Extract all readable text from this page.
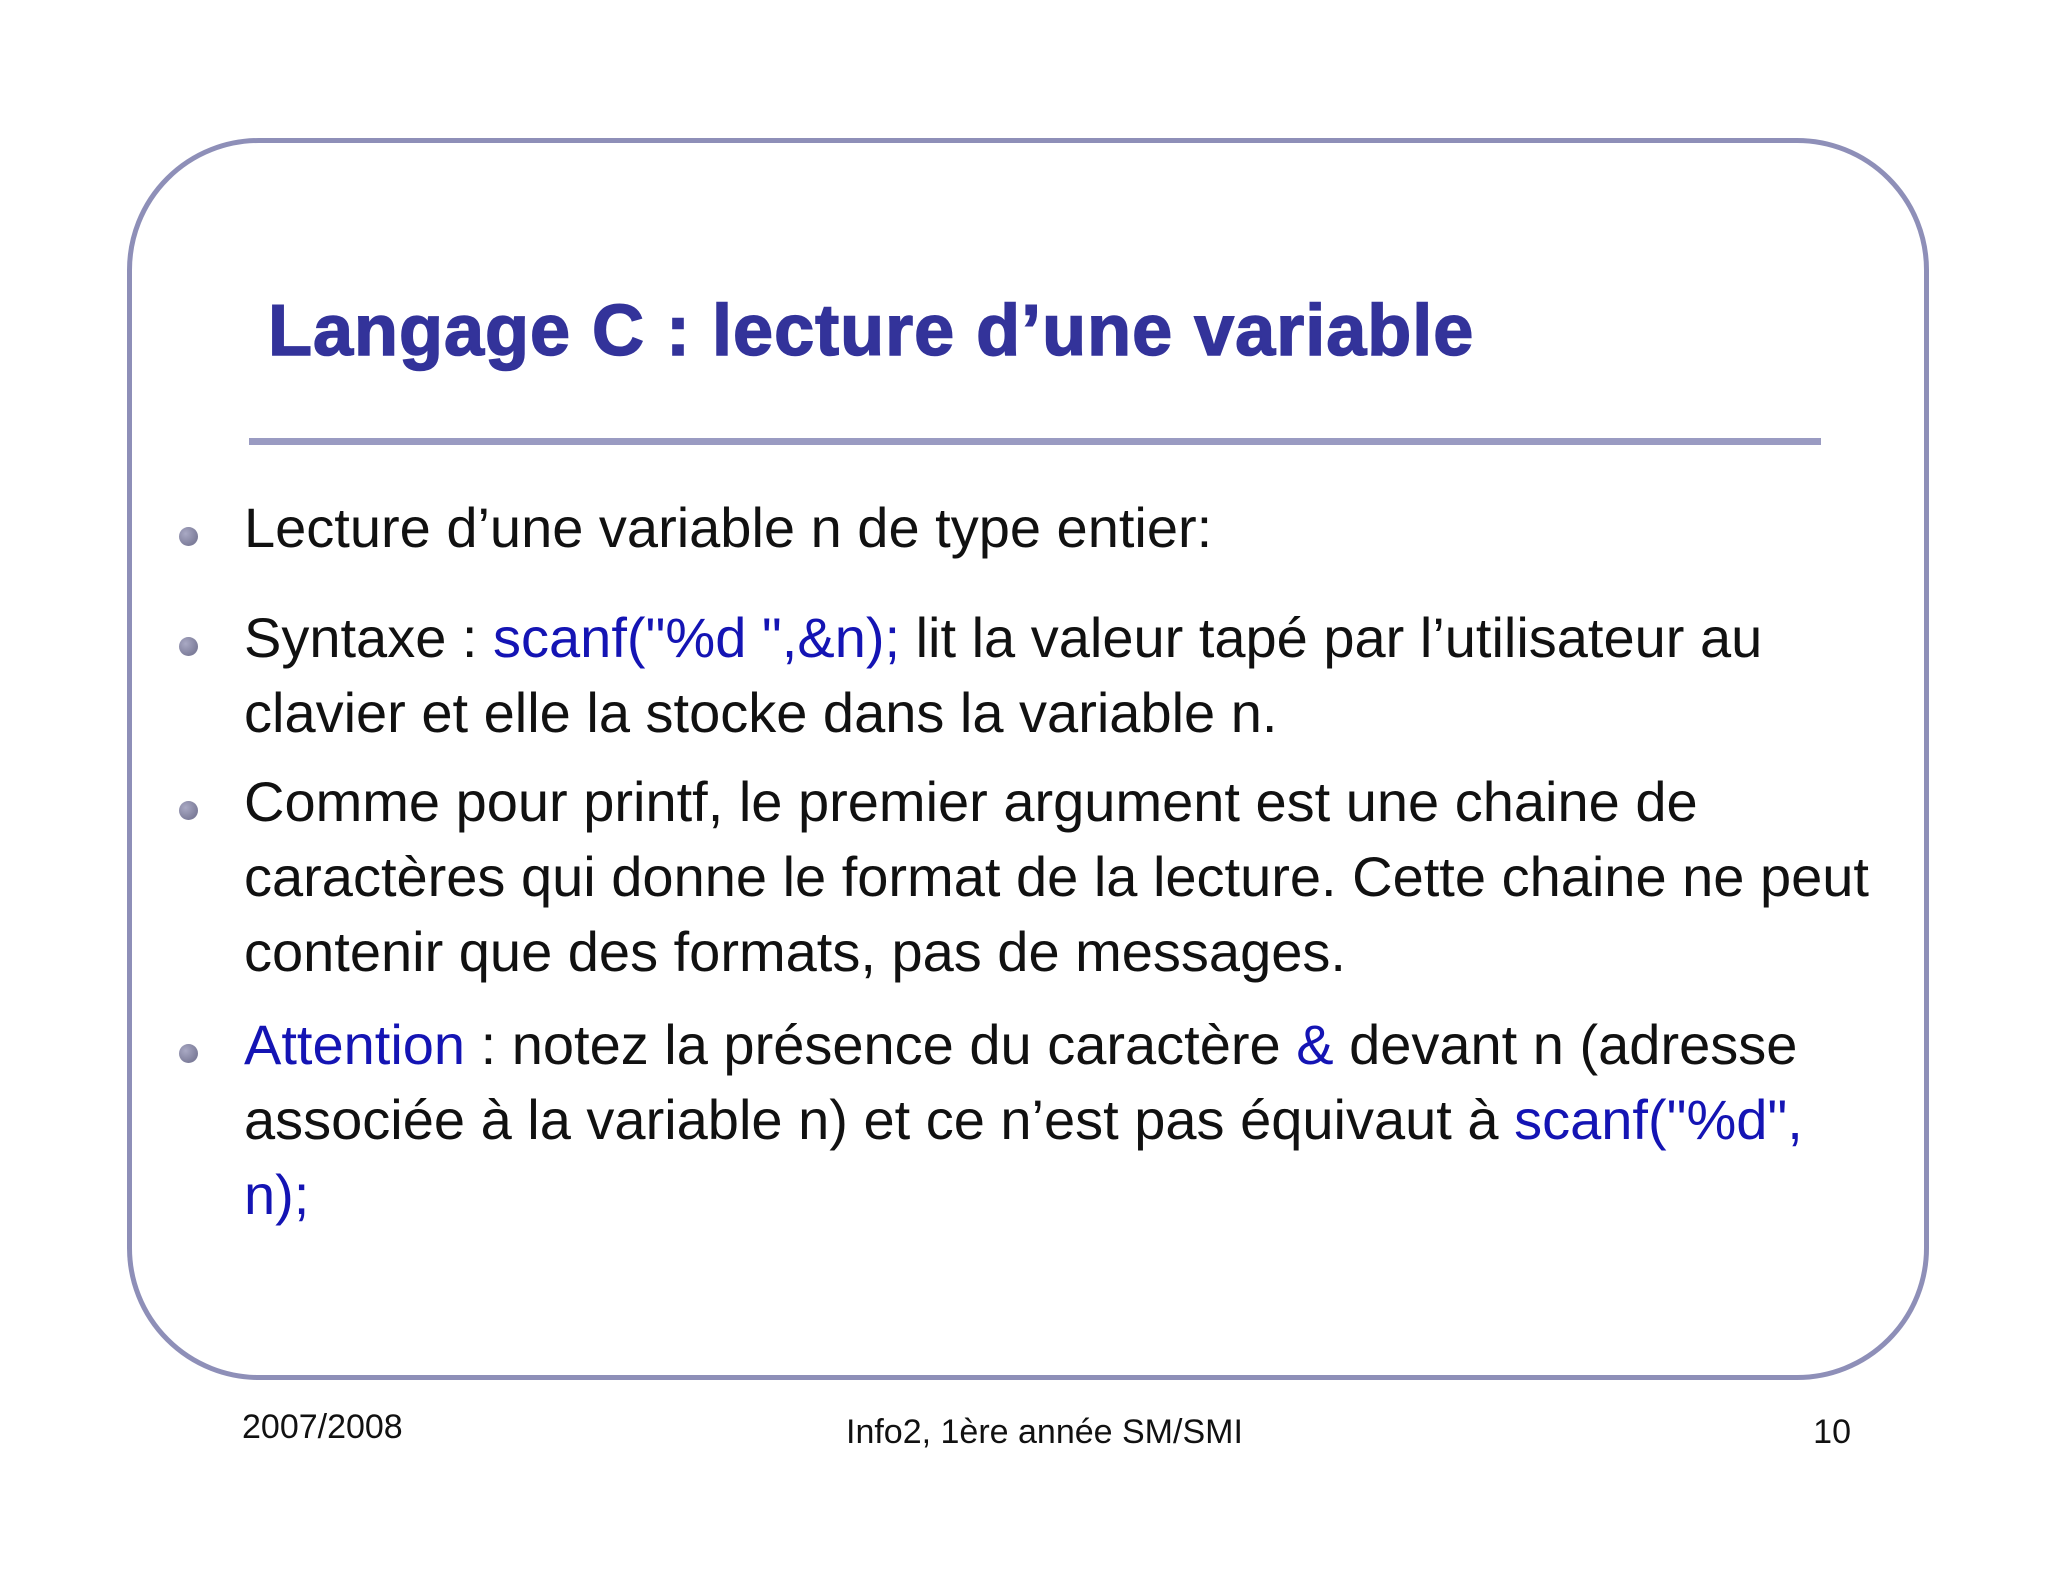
Langage C : lecture d’une variable
Lecture d’une variable n de type entier:
Syntaxe : scanf("%d ",&n); lit la valeur tapé par l’utilisateur au clavier et elle la stocke dans la variable n.
Comme pour printf, le premier argument est une chaine de caractères qui donne le format de la lecture. Cette chaine ne peut contenir que des formats, pas de messages.
Attention : notez la présence du caractère & devant n (adresse associée à la variable n) et ce n’est pas équivaut à scanf("%d", n);
2007/2008	Info2, 1ère année SM/SMI	10
